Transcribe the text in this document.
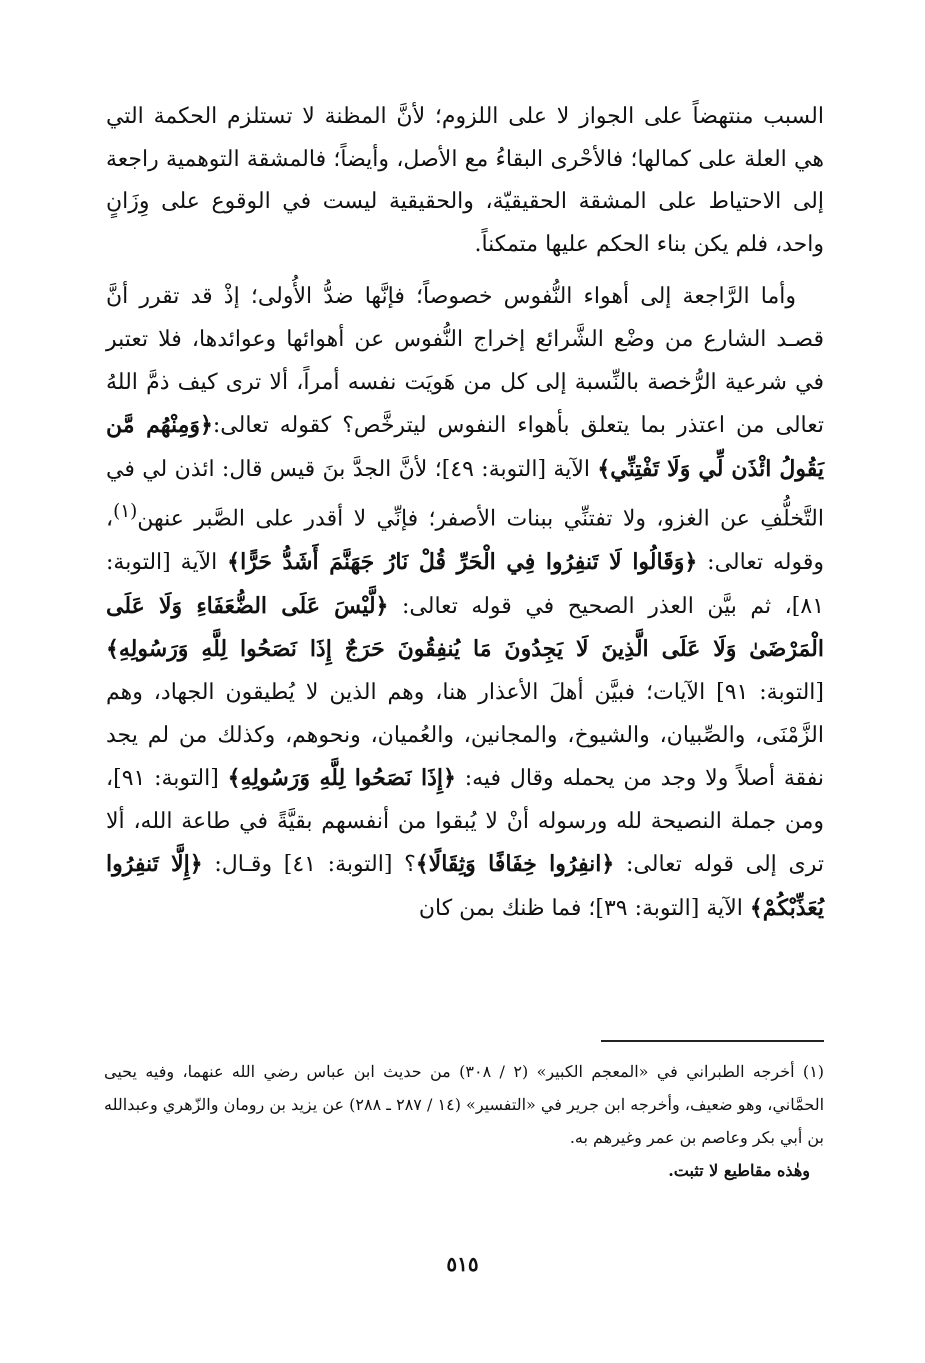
السبب منتهضاً على الجواز لا على اللزوم؛ لأنَّ المظنة لا تستلزم الحكمة التي هي العلة على كمالها؛ فالأحْرى البقاءُ مع الأصل، وأيضاً؛ فالمشقة التوهمية راجعة إلى الاحتياط على المشقة الحقيقيّة، والحقيقية ليست في الوقوع على وِزَانٍ واحد، فلم يكن بناء الحكم عليها متمكناً.

وأما الرَّاجعة إلى أهواء النُّفوس خصوصاً؛ فإنَّها ضدُّ الأُولى؛ إذْ قد تقرر أنَّ قصـد الشارع من وضْع الشَّرائع إخراج النُّفوس عن أهوائها وعوائدها، فلا تعتبر في شرعية الرُّخصة بالنِّسبة إلى كل من هَويَت نفسه أمراً، ألا ترى كيف ذمَّ اللهُ تعالى من اعتذر بما يتعلق بأهواء النفوس ليترخَّص؟ كقوله تعالى:﴿وَمِنْهُم مَّن يَقُولُ ائْذَن لِّي وَلَا تَفْتِنِّي﴾ الآية [التوبة: ٤٩]؛ لأنَّ الجدَّ بنَ قيس قال: ائذن لي في التَّخلُّفِ عن الغزو، ولا تفتنِّي ببنات الأصفر؛ فإنِّي لا أقدر على الصَّبر عنهن$^{(١)}$، وقوله تعالى: ﴿وَقَالُوا لَا تَنفِرُوا فِي الْحَرِّ قُلْ نَارُ جَهَنَّمَ أَشَدُّ حَرًّا﴾ الآية [التوبة: ٨١]، ثم بيَّن العذر الصحيح في قوله تعالى: ﴿لَّيْسَ عَلَى الضُّعَفَاءِ وَلَا عَلَى الْمَرْضَىٰ وَلَا عَلَى الَّذِينَ لَا يَجِدُونَ مَا يُنفِقُونَ حَرَجٌ إِذَا نَصَحُوا لِلَّهِ وَرَسُولِهِ﴾ [التوبة: ٩١] الآيات؛ فبيَّن أهلَ الأعذار هنا، وهم الذين لا يُطيقون الجهاد، وهم الزَّمْنَى، والصِّبيان، والشيوخ، والمجانين، والعُميان، ونحوهم، وكذلك من لم يجد نفقة أصلاً ولا وجد من يحمله وقال فيه: ﴿إِذَا نَصَحُوا لِلَّهِ وَرَسُولِهِ﴾ [التوبة: ٩١]، ومن جملة النصيحة لله ورسوله أنْ لا يُبقوا من أنفسهم بقيَّةً في طاعة الله، ألا ترى إلى قوله تعالى: ﴿انفِرُوا خِفَافًا وَثِقَالًا﴾؟ [التوبة: ٤١] وقـال: ﴿إِلَّا تَنفِرُوا يُعَذِّبْكُمْ﴾ الآية [التوبة: ٣٩]؛ فما ظنك بمن كان

(١) أخرجه الطبراني في «المعجم الكبير» (٢ / ٣٠٨) من حديث ابن عباس رضي الله عنهما، وفيه يحيى الحمَّاني، وهو ضعيف، وأخرجه ابن جرير في «التفسير» (١٤ / ٢٨٧ ـ ٢٨٨) عن يزيد بن رومان والزّهري وعبدالله بن أبي بكر وعاصم بن عمر وغيرهم به.

وهٰذه مقاطيع لا تثبت.

٥١٥
